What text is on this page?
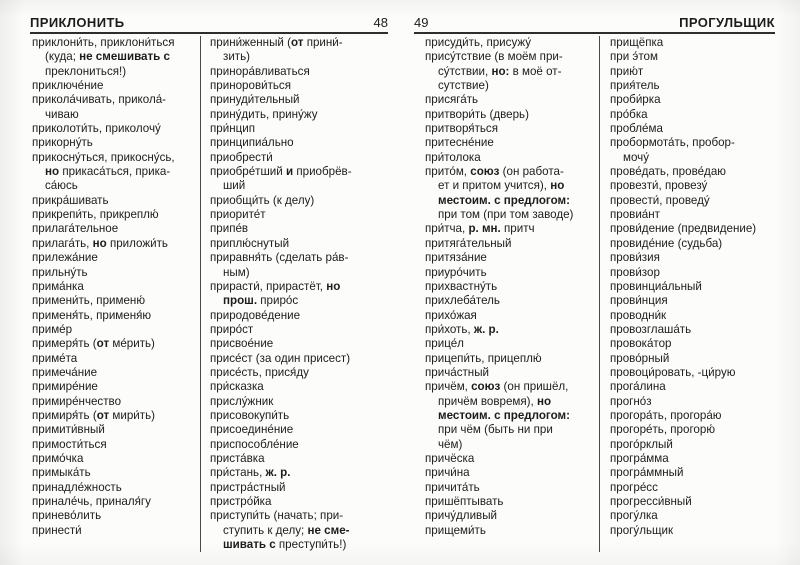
ПРИКЛОНИТЬ	48
приклони́ть, приклони́ться
(куда; не смешивать с
преклониться!)
приключе́ние
прикола́чивать, прикола́-
чиваю
приколоти́ть, приколочу́
прикорну́ть
прикосну́ться, прикосну́сь,
но прикаса́ться, прика-
са́юсь
прикра́шивать
прикрепи́ть, прикреплю́
прилага́тельное
прилага́ть, но приложи́ть
прилежа́ние
прильну́ть
прима́нка
примени́ть, применю́
применя́ть, применя́ю
приме́р
примеря́ть (от ме́рить)
приме́та
примеча́ние
примире́ние
примире́нчество
примиря́ть (от мири́ть)
примити́вный
примости́ться
примо́чка
примыка́ть
принадле́жность
принале́чь, приналя́гу
принево́лить
принести́
прини́женный (от прини́-
зить)
принора́вливаться
принорови́ться
принуди́тельный
прину́дить, прину́жу
при́нцип
принципиа́льно
приобрести́
приобре́тший и приобрёв-
ший
приобщи́ть (к делу)
приорите́т
припе́в
приплю́снутый
приравня́ть (сделать ра́в-
ным)
прирасти́, прирастёт, но
прош. приро́с
природове́дение
приро́ст
присвое́ние
присе́ст (за один присест)
присе́сть, прися́ду
при́сказка
прислу́жник
присовокупи́ть
присоедине́ние
приспособле́ние
приста́вка
при́стань, ж. р.
пристра́стный
пристро́йка
приступи́ть (начать; при-
ступить к делу; не сме-
шивать с преступи́ть!)
49	ПРОГУЛЬЩИК
присуди́ть, присужу́
прису́тствие (в моём при-
су́тствии, но: в моё от-
сутствие)
присяга́ть
притвори́ть (дверь)
притворя́ться
притесне́ние
при́толока
прито́м, союз (он работа-
ет и притом учится), но
местоим. с предлогом:
при том (при том заводе)
при́тча, р. мн. притч
притяга́тельный
притяза́ние
приуро́чить
прихвастну́ть
прихлеба́тель
прихо́жая
при́хоть, ж. р.
прице́л
прицепи́ть, прицеплю́
прича́стный
причём, союз (он пришёл,
причём вовремя), но
местоим. с предлогом:
при чём (быть ни при
чём)
причёска
причи́на
причита́ть
пришёптывать
причу́дливый
прищеми́ть
прищёпка
при э́том
прию́т
прия́тель
проби́рка
про́бка
пробле́ма
пробормота́ть, пробор-
мочу́
прове́дать, прове́даю
провезти́, провезу́
провести́, проведу́
провиа́нт
прови́дение (предвидение)
провиде́ние (судьба)
прови́зия
прови́зор
провинциа́льный
прови́нция
проводни́к
провозглаша́ть
провока́тор
прово́рный
провоци́ровать, -ци́рую
прога́лина
прогно́з
прогора́ть, прогора́ю
прогоре́ть, прогорю́
прого́рклый
програ́мма
програ́ммный
прогре́сс
прогресси́вный
прогу́лка
прогу́льщик
